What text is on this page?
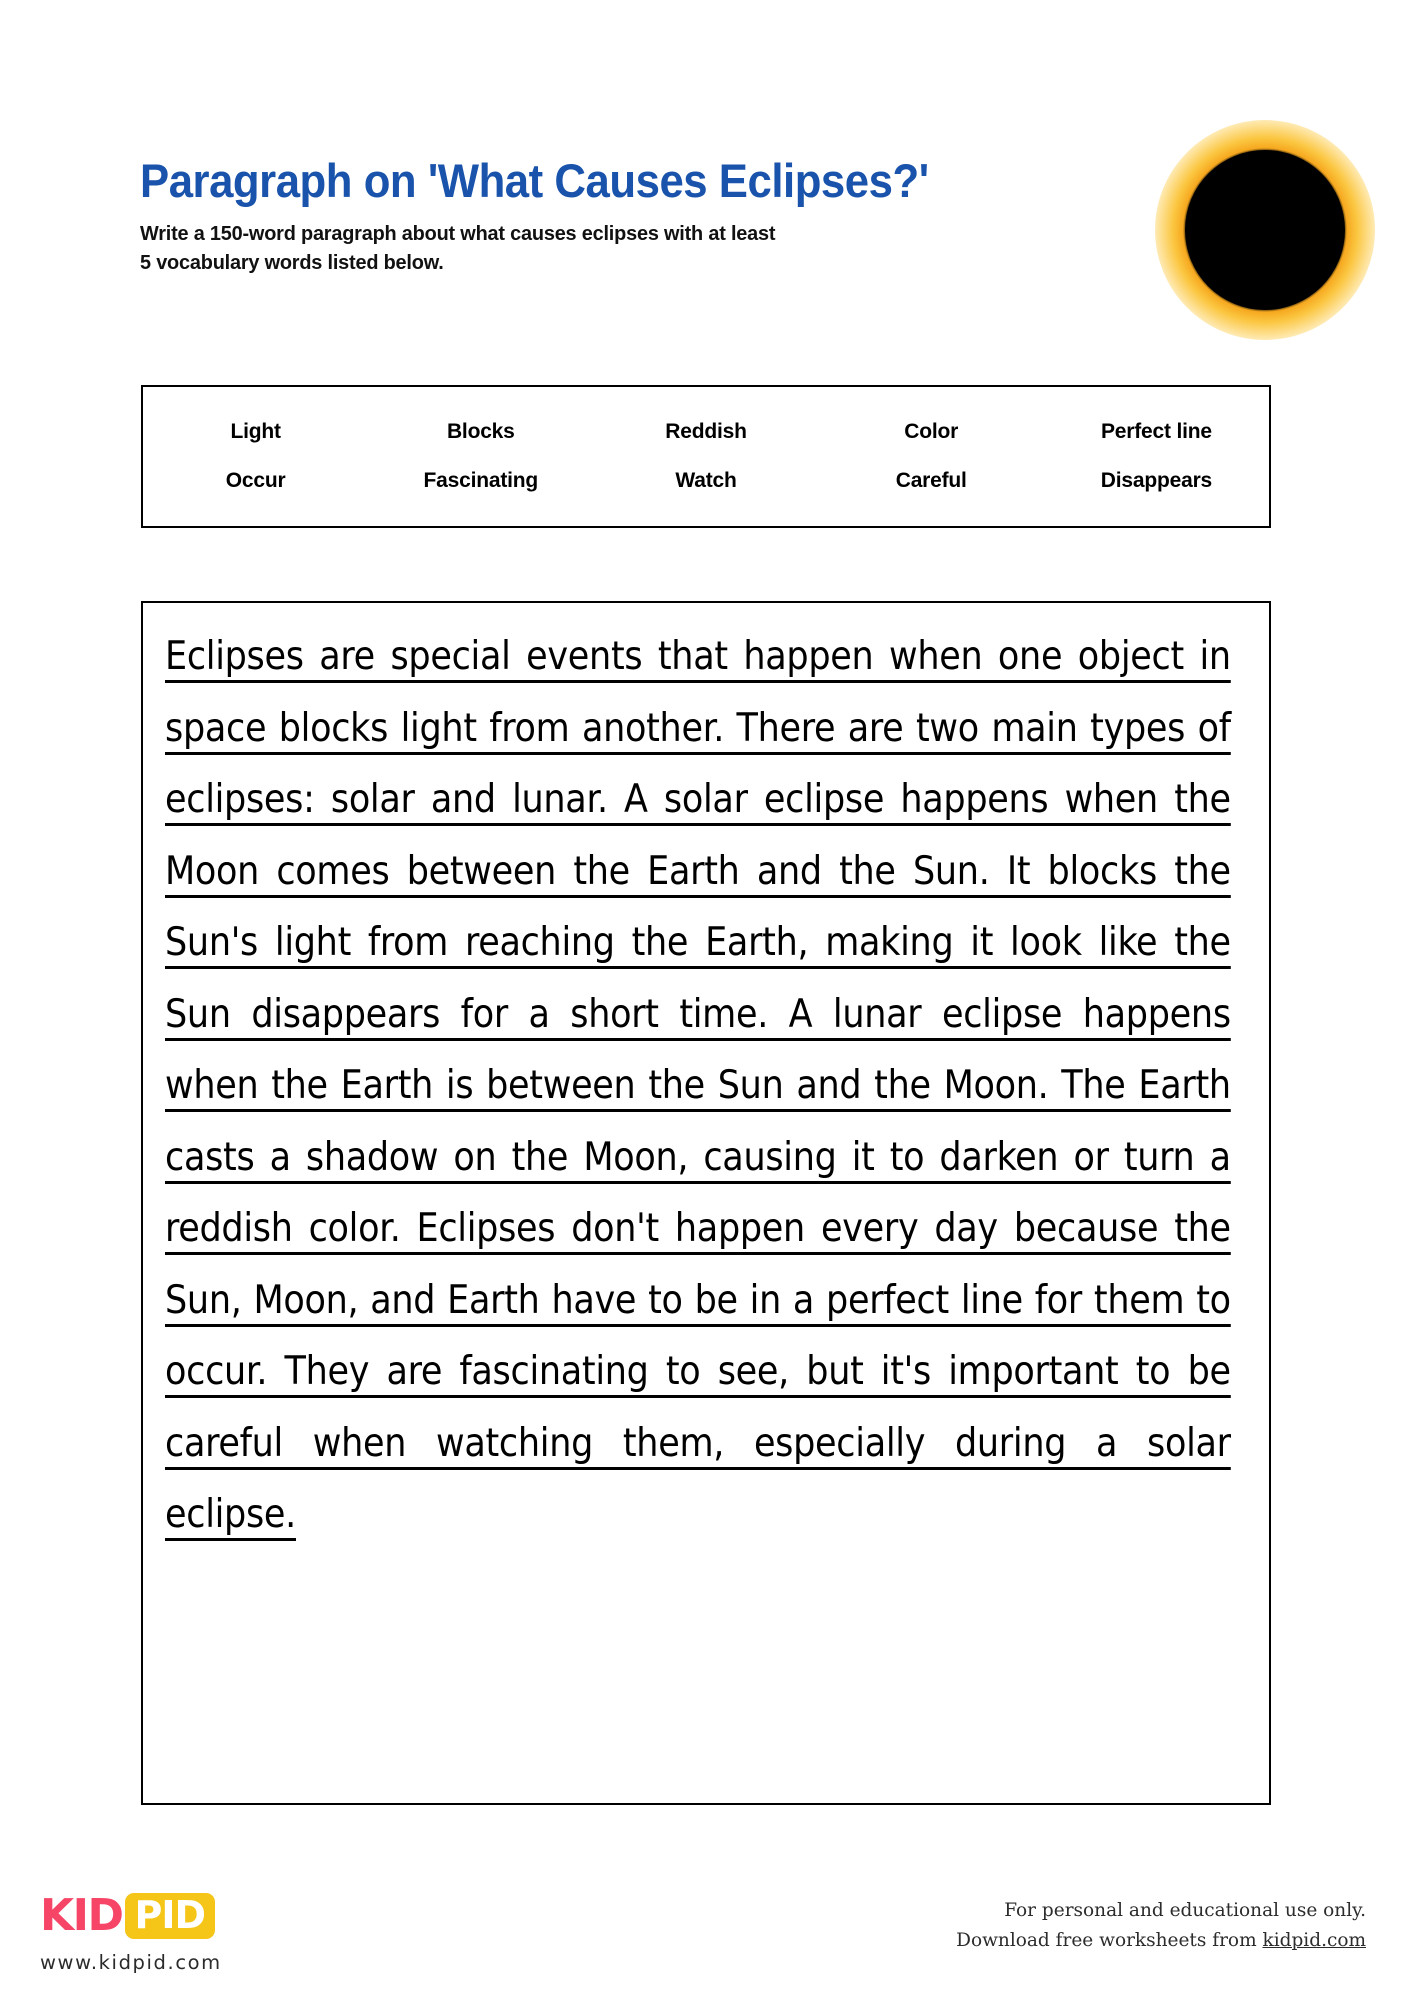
Paragraph on 'What Causes Eclipses?'
Write a 150-word paragraph about what causes eclipses with at least
5 vocabulary words listed below.
Light	Blocks	Reddish	Color	Perfect line
Occur	Fascinating	Watch	Careful	Disappears

Eclipses are special events that happen when one object in space blocks light from another. There are two main types of eclipses: solar and lunar. A solar eclipse happens when the Moon comes between the Earth and the Sun. It blocks the Sun's light from reaching the Earth, making it look like the Sun disappears for a short time. A lunar eclipse happens when the Earth is between the Sun and the Moon. The Earth casts a shadow on the Moon, causing it to darken or turn a reddish color. Eclipses don't happen every day because the Sun, Moon, and Earth have to be in a perfect line for them to occur. They are fascinating to see, but it's important to be careful when watching them, especially during a solar eclipse.

KID PID
www.kidpid.com
For personal and educational use only.
Download free worksheets from kidpid.com
